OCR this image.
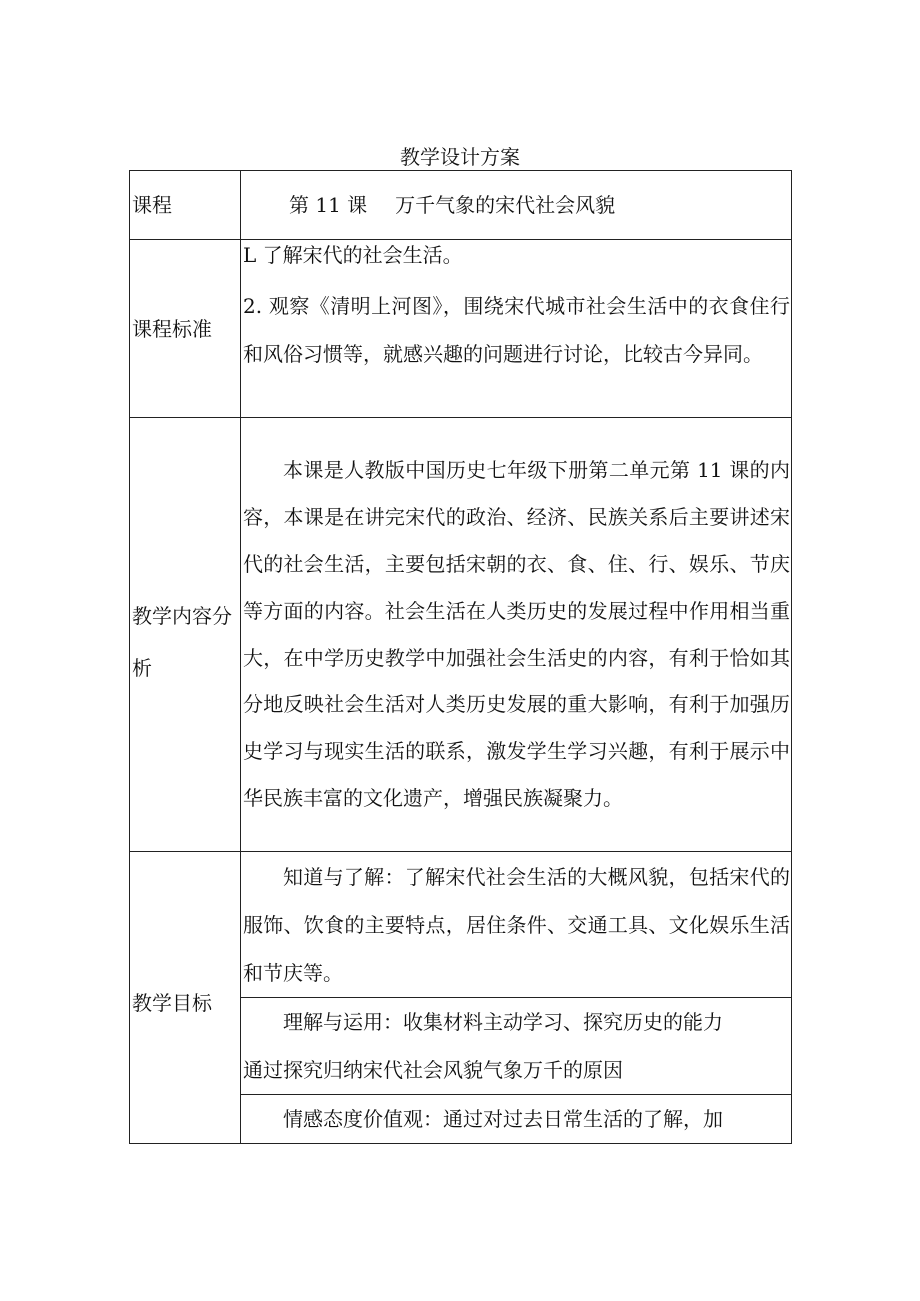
教学设计方案
课程	第 11 课 万千气象的宋代社会风貌

课程标准	L 了解宋代的社会生活。

2. 观察《清明上河图》，围绕宋代城市社会生活中的衣食住行和风俗习惯等，就感兴趣的问题进行讨论，比较古今异同。

教学内容分析	本课是人教版中国历史七年级下册第二单元第 11 课的内容，本课是在讲完宋代的政治、经济、民族关系后主要讲述宋代的社会生活，主要包括宋朝的衣、食、住、行、娱乐、节庆等方面的内容。社会生活在人类历史的发展过程中作用相当重大，在中学历史教学中加强社会生活史的内容，有利于恰如其分地反映社会生活对人类历史发展的重大影响，有利于加强历史学习与现实生活的联系，激发学生学习兴趣，有利于展示中华民族丰富的文化遗产，增强民族凝聚力。

教学目标	知道与了解：了解宋代社会生活的大概风貌，包括宋代的服饰、饮食的主要特点，居住条件、交通工具、文化娱乐生活和节庆等。

	理解与运用：收集材料主动学习、探究历史的能力

通过探究归纳宋代社会风貌气象万千的原因

	情感态度价值观：通过对过去日常生活的了解，加
